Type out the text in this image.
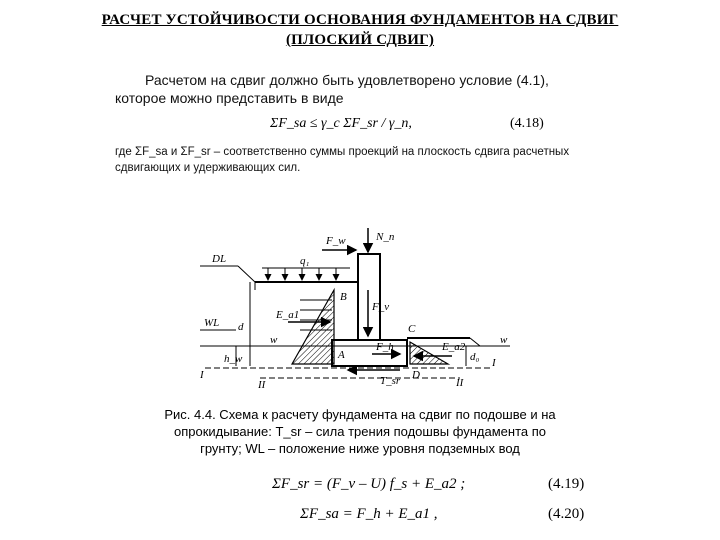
РАСЧЕТ УСТОЙЧИВОСТИ ОСНОВАНИЯ ФУНДАМЕНТОВ НА СДВИГ
(ПЛОСКИЙ СДВИГ)
Расчетом на сдвиг должно быть удовлетворено условие (4.1),
которое можно представить в виде
ΣF_sa ≤ γ_c ΣF_sr / γ_n,	(4.18)
где ΣF_sa и ΣF_sr – соответственно суммы проекций на плоскость сдвига расчетных
сдвигающих и удерживающих сил.
DL	q₁
E_a1
E_a2
w	w
WL d
h_w
I
I
II	II
N_п
F_w
F_v
F_h
T_sr
B
C
A
D
d₀
Рис. 4.4. Схема к расчету фундамента на сдвиг по подошве и на
опрокидывание: T_sr – сила трения подошвы фундамента по
грунту; WL – положение ниже уровня подземных вод
ΣF_sr = (F_v – U) f_s + E_a2 ;	(4.19)
ΣF_sa = F_h + E_a1 ,	(4.20)
